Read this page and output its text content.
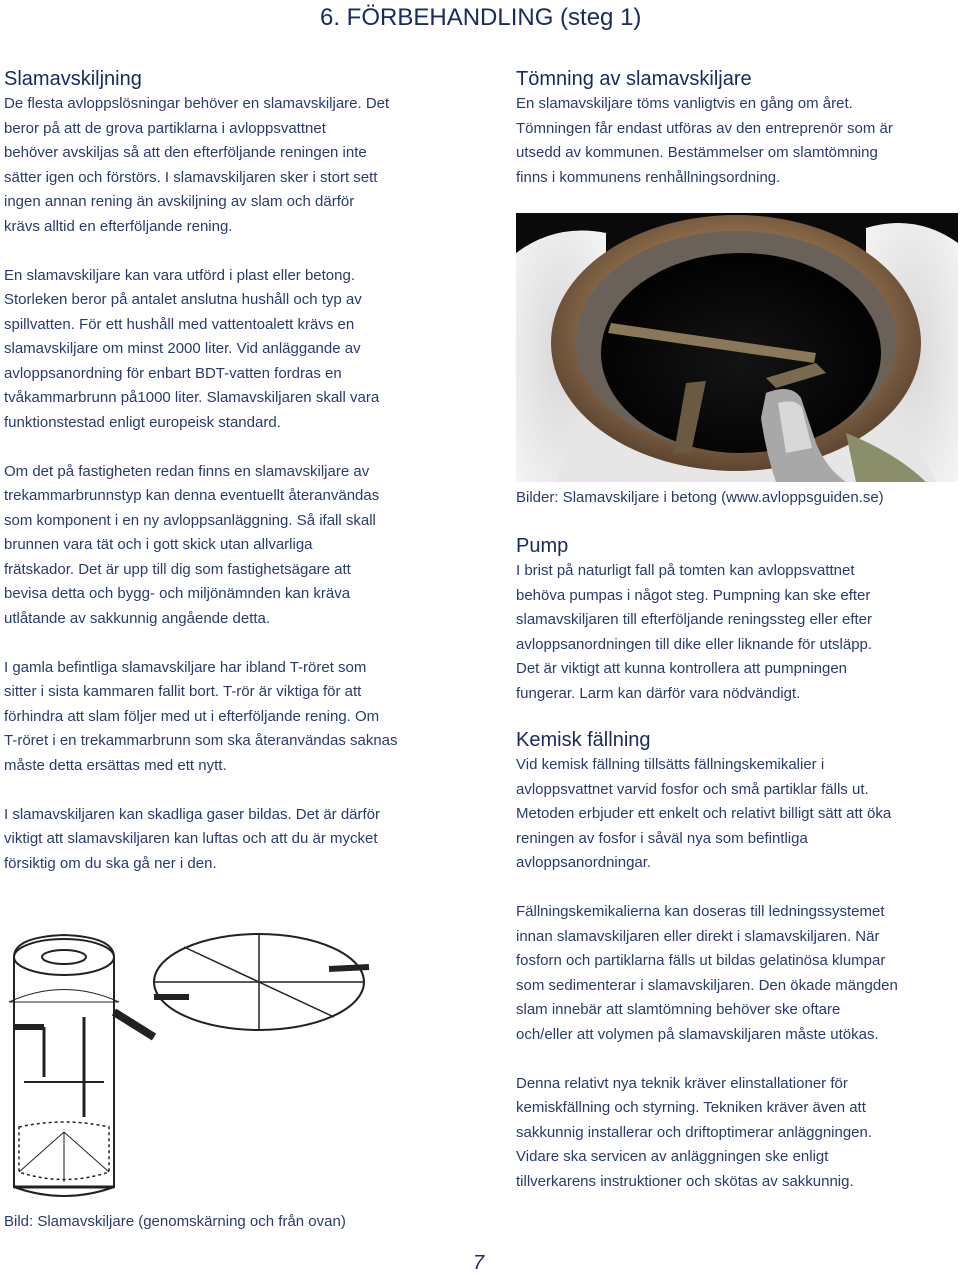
6. FÖRBEHANDLING (steg 1)
Slamavskiljning

De flesta avloppslösningar behöver en slamavskiljare. Det
beror på att de grova partiklarna i avloppsvattnet
behöver avskiljas så att den efterföljande reningen inte
sätter igen och förstörs. I slamavskiljaren sker i stort sett
ingen annan rening än avskiljning av slam och därför
krävs alltid en efterföljande rening.

En slamavskiljare kan vara utförd i plast eller betong.
Storleken beror på antalet anslutna hushåll och typ av
spillvatten. För ett hushåll med vattentoalett krävs en
slamavskiljare om minst 2000 liter. Vid anläggande av
avloppsanordning för enbart BDT-vatten fordras en
tvåkammarbrunn på1000 liter. Slamavskiljaren skall vara
funktionstestad enligt europeisk standard.

Om det på fastigheten redan finns en slamavskiljare av
trekammarbrunnstyp kan denna eventuellt återanvändas
som komponent i en ny avloppsanläggning. Så ifall skall
brunnen vara tät och i gott skick utan allvarliga
frätskador. Det är upp till dig som fastighetsägare att
bevisa detta och bygg- och miljönämnden kan kräva
utlåtande av sakkunnig angående detta.

I gamla befintliga slamavskiljare har ibland T-röret som
sitter i sista kammaren fallit bort. T-rör är viktiga för att
förhindra att slam följer med ut i efterföljande rening. Om
T-röret i en trekammarbrunn som ska återanvändas saknas
måste detta ersättas med ett nytt.

I slamavskiljaren kan skadliga gaser bildas. Det är därför
viktigt att slamavskiljaren kan luftas och att du är mycket
försiktig om du ska gå ner i den.

Tömning av slamavskiljare

En slamavskiljare töms vanligtvis en gång om året.
Tömningen får endast utföras av den entreprenör som är
utsedd av kommunen. Bestämmelser om slamtömning
finns i kommunens renhållningsordning.

Bilder: Slamavskiljare i betong (www.avloppsguiden.se)
Pump

I brist på naturligt fall på tomten kan avloppsvattnet
behöva pumpas i något steg. Pumpning kan ske efter
slamavskiljaren till efterföljande reningssteg eller efter
avloppsanordningen till dike eller liknande för utsläpp.
Det är viktigt att kunna kontrollera att pumpningen
fungerar. Larm kan därför vara nödvändigt.

Kemisk fällning

Vid kemisk fällning tillsätts fällningskemikalier i
avloppsvattnet varvid fosfor och små partiklar fälls ut.
Metoden erbjuder ett enkelt och relativt billigt sätt att öka
reningen av fosfor i såväl nya som befintliga
avloppsanordningar.

Fällningskemikalierna kan doseras till ledningssystemet
innan slamavskiljaren eller direkt i slamavskiljaren. När
fosforn och partiklarna fälls ut bildas gelatinösa klumpar
som sedimenterar i slamavskiljaren. Den ökade mängden
slam innebär att slamtömning behöver ske oftare
och/eller att volymen på slamavskiljaren måste utökas.

Denna relativt nya teknik kräver elinstallationer för
kemiskfällning och styrning. Tekniken kräver även att
sakkunnig installerar och driftoptimerar anläggningen.
Vidare ska servicen av anläggningen ske enligt
tillverkarens instruktioner och skötas av sakkunnig.

Bild: Slamavskiljare (genomskärning och från ovan)
7
